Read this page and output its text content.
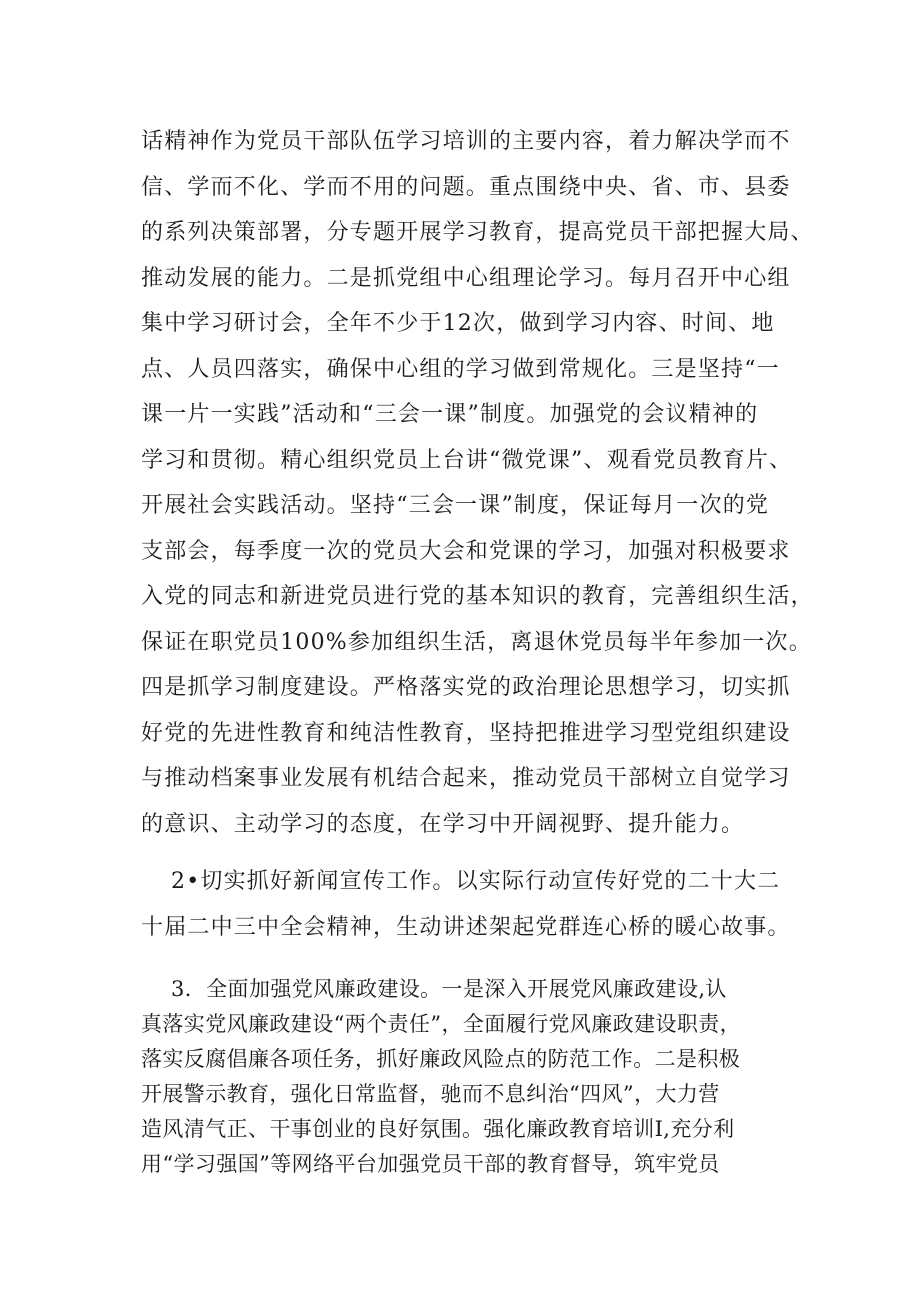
话精神作为党员干部队伍学习培训的主要内容，着力解决学而不
信、学而不化、学而不用的问题。重点围绕中央、省、市、县委
的系列决策部署，分专题开展学习教育，提高党员干部把握大局、
推动发展的能力。二是抓党组中心组理论学习。每月召开中心组
集中学习研讨会，全年不少于12次，做到学习内容、时间、地
点、人员四落实，确保中心组的学习做到常规化。三是坚持“一
课一片一实践”活动和“三会一课”制度。加强党的会议精神的
学习和贯彻。精心组织党员上台讲“微党课”、观看党员教育片、
开展社会实践活动。坚持“三会一课”制度，保证每月一次的党
支部会，每季度一次的党员大会和党课的学习，加强对积极要求
入党的同志和新进党员进行党的基本知识的教育，完善组织生活，
保证在职党员100%参加组织生活，离退休党员每半年参加一次。
四是抓学习制度建设。严格落实党的政治理论思想学习，切实抓
好党的先进性教育和纯洁性教育，坚持把推进学习型党组织建设
与推动档案事业发展有机结合起来，推动党员干部树立自觉学习
的意识、主动学习的态度，在学习中开阔视野、提升能力。
2•切实抓好新闻宣传工作。以实际行动宣传好党的二十大二
十届二中三中全会精神，生动讲述架起党群连心桥的暖心故事。
3．全面加强党风廉政建设。一是深入开展党风廉政建设,认
真落实党风廉政建设“两个责任”，全面履行党风廉政建设职责，
落实反腐倡廉各项任务，抓好廉政风险点的防范工作。二是积极
开展警示教育，强化日常监督，驰而不息纠治“四风”，大力营
造风清气正、干事创业的良好氛围。强化廉政教育培训I,充分利
用“学习强国”等网络平台加强党员干部的教育督导，筑牢党员
